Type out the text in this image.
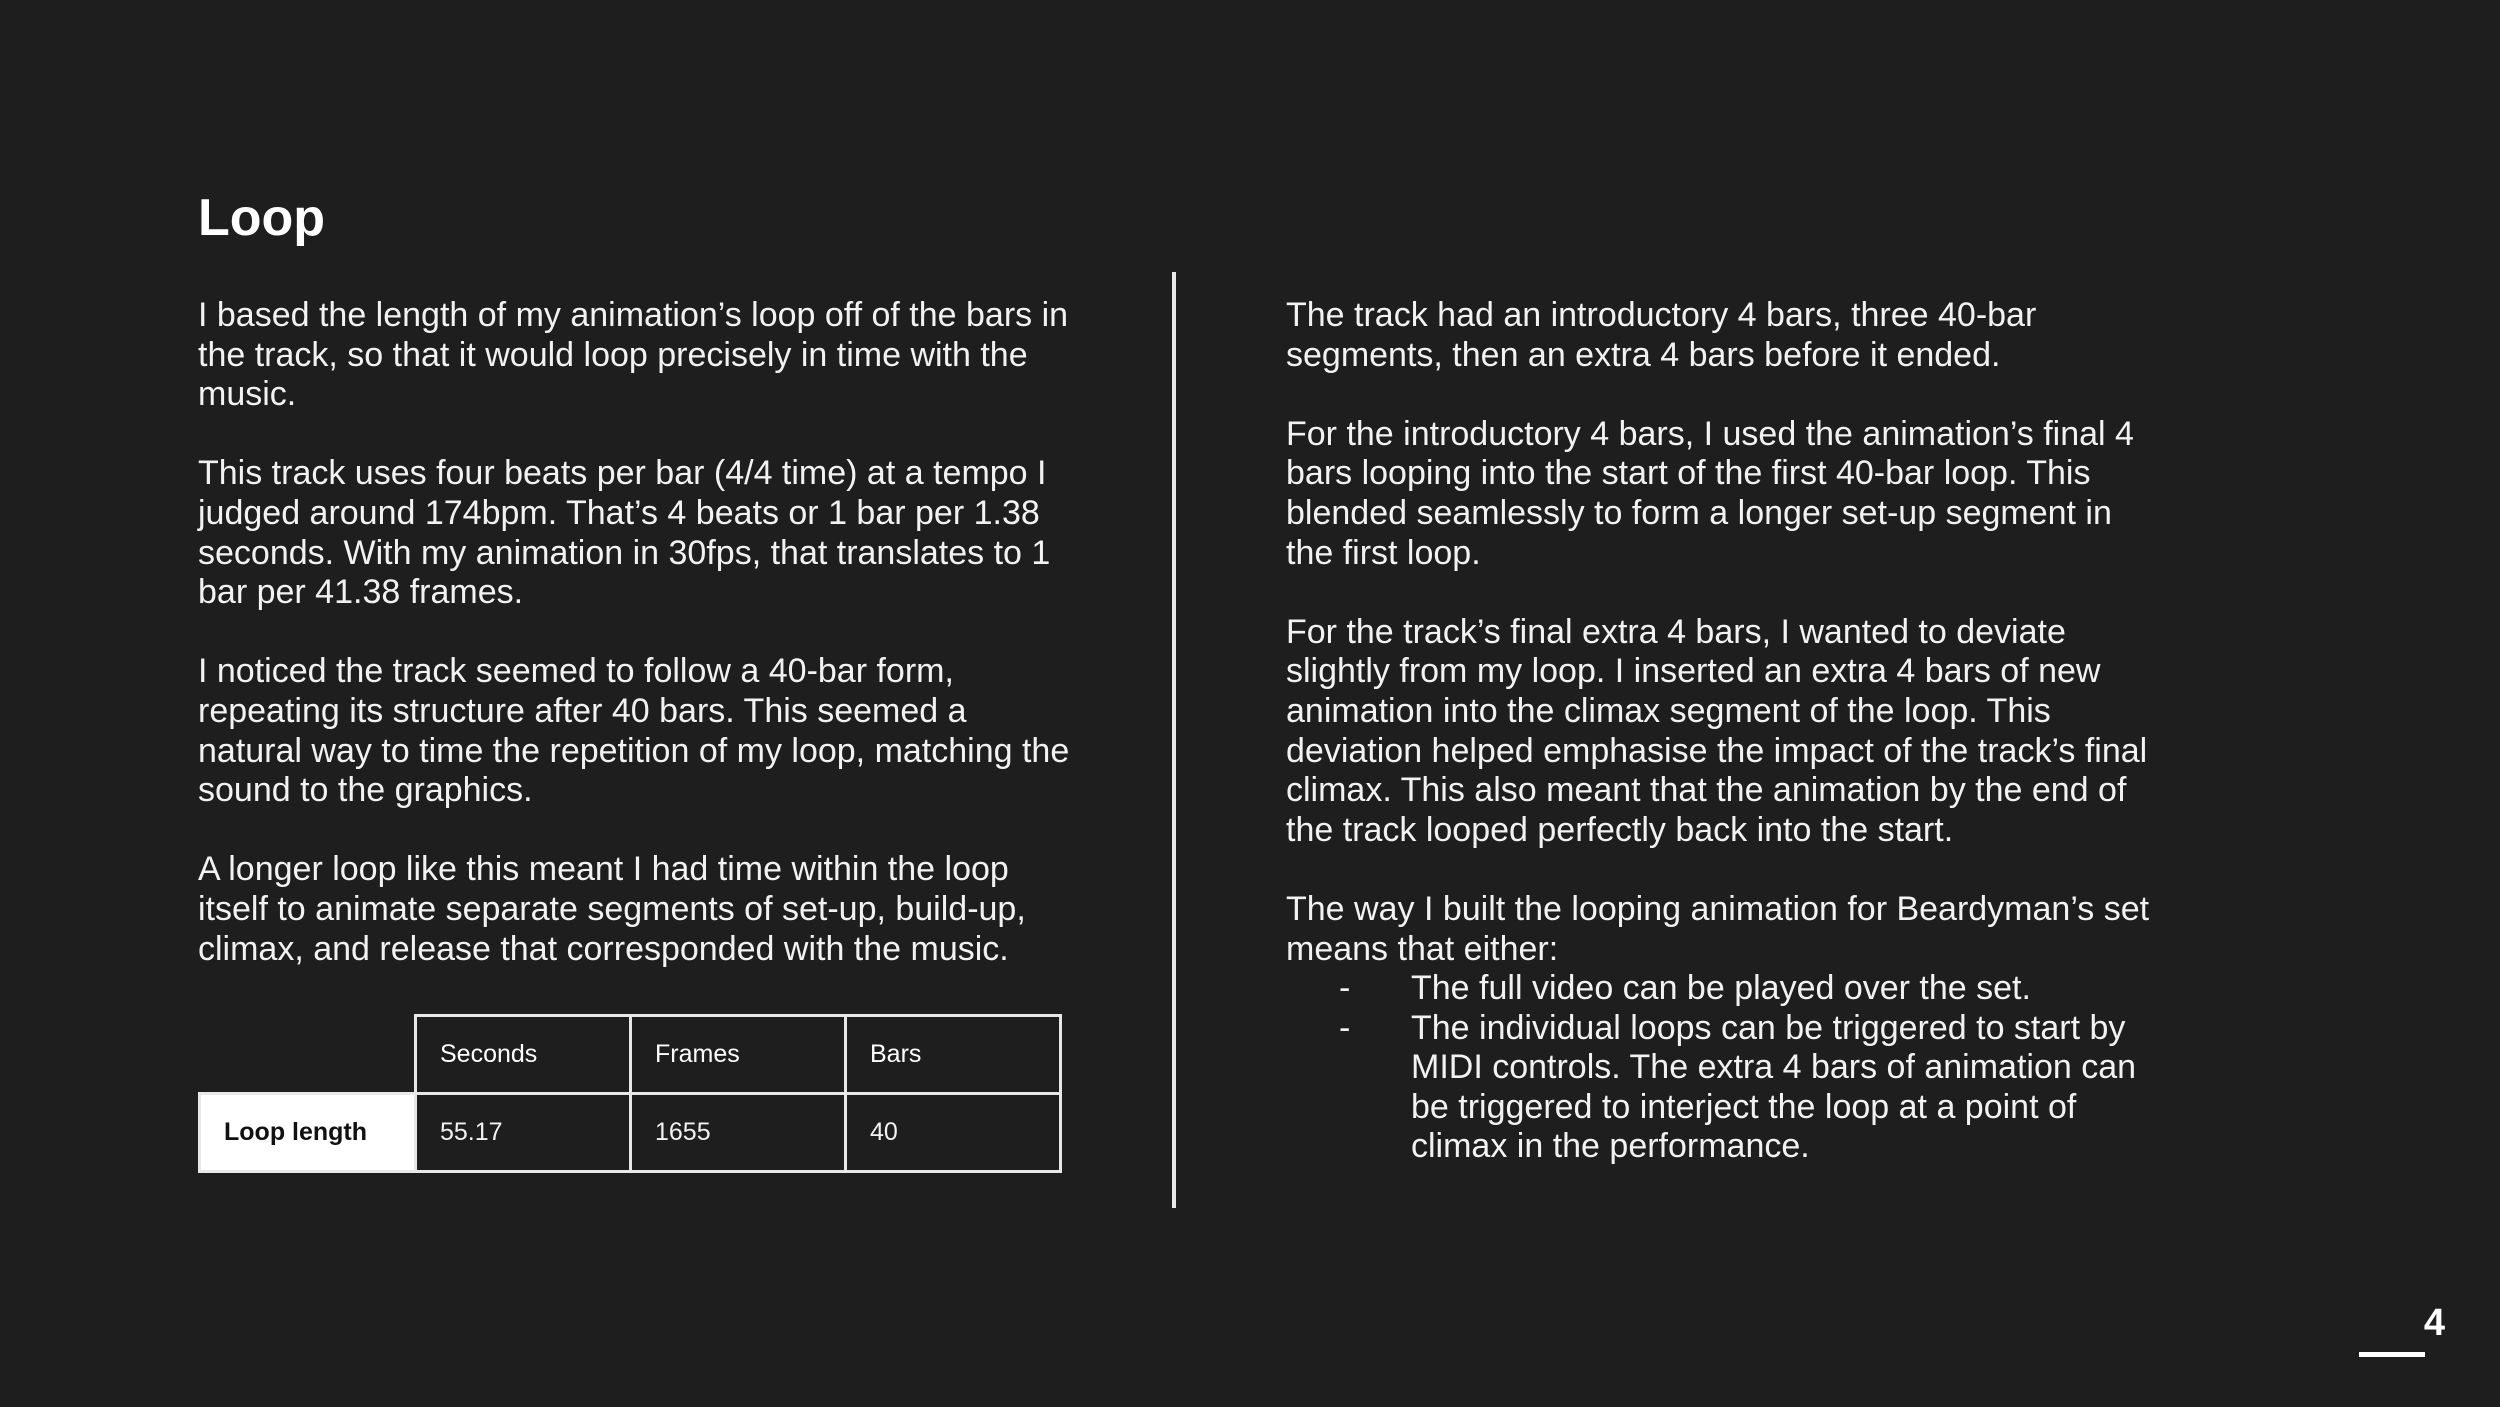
Loop

I based the length of my animation’s loop off of the bars in the track, so that it would loop precisely in time with the music.

This track uses four beats per bar (4/4 time) at a tempo I judged around 174bpm. That’s 4 beats or 1 bar per 1.38 seconds. With my animation in 30fps, that translates to 1 bar per 41.38 frames.

I noticed the track seemed to follow a 40-bar form, repeating its structure after 40 bars. This seemed a natural way to time the repetition of my loop, matching the sound to the graphics.

A longer loop like this meant I had time within the loop itself to animate separate segments of set-up, build-up, climax, and release that corresponded with the music.

	Seconds	Frames	Bars
Loop length	55.17	1655	40

The track had an introductory 4 bars, three 40-bar segments, then an extra 4 bars before it ended.

For the introductory 4 bars, I used the animation’s final 4 bars looping into the start of the first 40-bar loop. This blended seamlessly to form a longer set-up segment in the first loop.

For the track’s final extra 4 bars, I wanted to deviate slightly from my loop. I inserted an extra 4 bars of new animation into the climax segment of the loop. This deviation helped emphasise the impact of the track’s final climax. This also meant that the animation by the end of the track looped perfectly back into the start.

The way I built the looping animation for Beardyman’s set means that either:

- The full video can be played over the set.
- The individual loops can be triggered to start by MIDI controls. The extra 4 bars of animation can be triggered to interject the loop at a point of climax in the performance.
4
